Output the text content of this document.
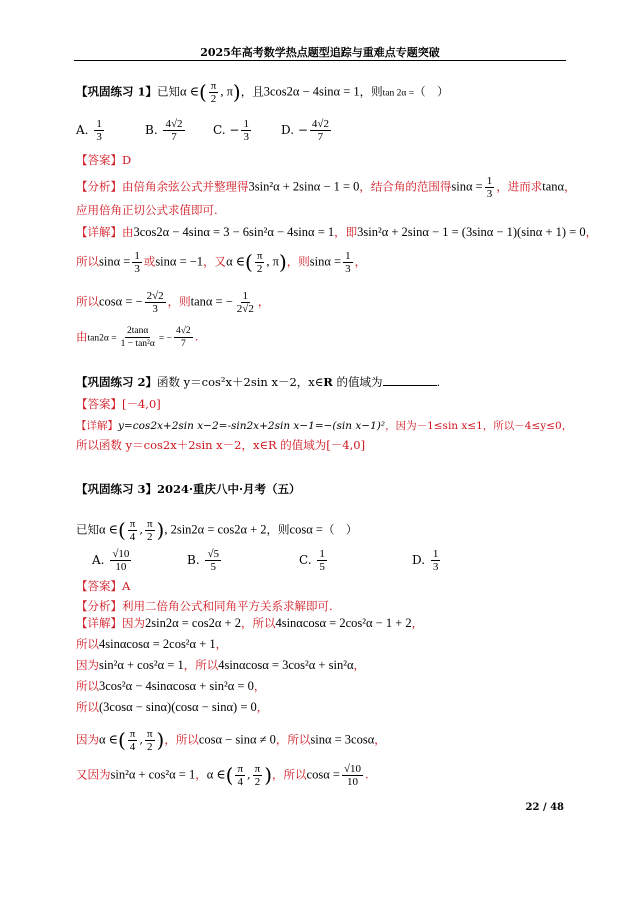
2025年高考数学热点题型追踪与重难点专题突破
【巩固练习 1】已知α ∈( $\frac{\pi}{2}$ , π)，且3cos2α − 4sinα = 1，则tan 2α =（　）
A. $\frac{1}{3}$	B. $\frac{4√2}{7} C$. − $\frac{1}{3}$	D. − $\frac{4√2}{7}$
【答案】D
【分析】由倍角余弦公式并整理得3sin²α + 2sinα − 1 = 0，结合角的范围得$\sin\alpha = \frac{1}{3}$ ，进而求tanα，
应用倍角正切公式求值即可.
【详解】由3cos2α − 4sinα = 3 − 6sin²α − 4sinα = 1，即3sin²α + 2sinα − 1 = (3sinα − 1)(sinα + 1) = 0，
所以$\sin\alpha = \frac{1}{3}$ 或sinα = −1，又α ∈( $\frac{\pi}{2}$ , π)，则$\sin\alpha = \frac{1}{3}$ ，
所以cosα = − $\frac{2√2}{3}$ ，则tanα = − $\frac{1}{2√2}$ ，
由$\tan 2\alpha = \frac{2\tan\alpha}{\text{1 − tan²α}}$ = − $\frac{4√2}{7}$ .
【巩固练习 2】函数 y＝cos²x＋2sin x－2，x∈R 的值域为	.
【答案】[－4,0]
【详解】y=cos2x+2sin x−2=-sin2x+2sin x−1=−(sin x−1)²，因为－1≤sin x≤1，所以－4≤y≤0，
所以函数 y＝cos2x＋2sin x－2，x∈R 的值域为[－4,0]
【巩固练习 3】2024·重庆八中·月考（五）
已知α ∈( $\frac{\pi}{4}$ , $\frac{\pi}{2}$ ), 2sin2α = cos2α + 2，则cosα =（　）
A. $\frac{√10}{10}$	B. $\frac{√5}{5}$	C. $\frac{1}{5}$	D. $\frac{1}{3}$
【答案】A
【分析】利用二倍角公式和同角平方关系求解即可.
【详解】因为2sin2α = cos2α + 2，所以4sinαcosα = 2cos²α − 1 + 2，
所以4sinαcosα = 2cos²α + 1，
因为sin²α + cos²α = 1，所以4sinαcosα = 3cos²α + sin²α，
所以3cos²α − 4sinαcosα + sin²α = 0，
所以(3cosα − sinα)(cosα − sinα) = 0，
因为α ∈( $\frac{\pi}{4}$ , $\frac{\pi}{2}$ )，所以cosα − sinα ≠ 0，所以sinα = 3cosα，
又因为sin²α + cos²α = 1，α ∈( $\frac{\pi}{4}$ , $\frac{\pi}{2}$ )，所以$\cos\alpha = \frac{√10}{10}$ .
22 / 48
